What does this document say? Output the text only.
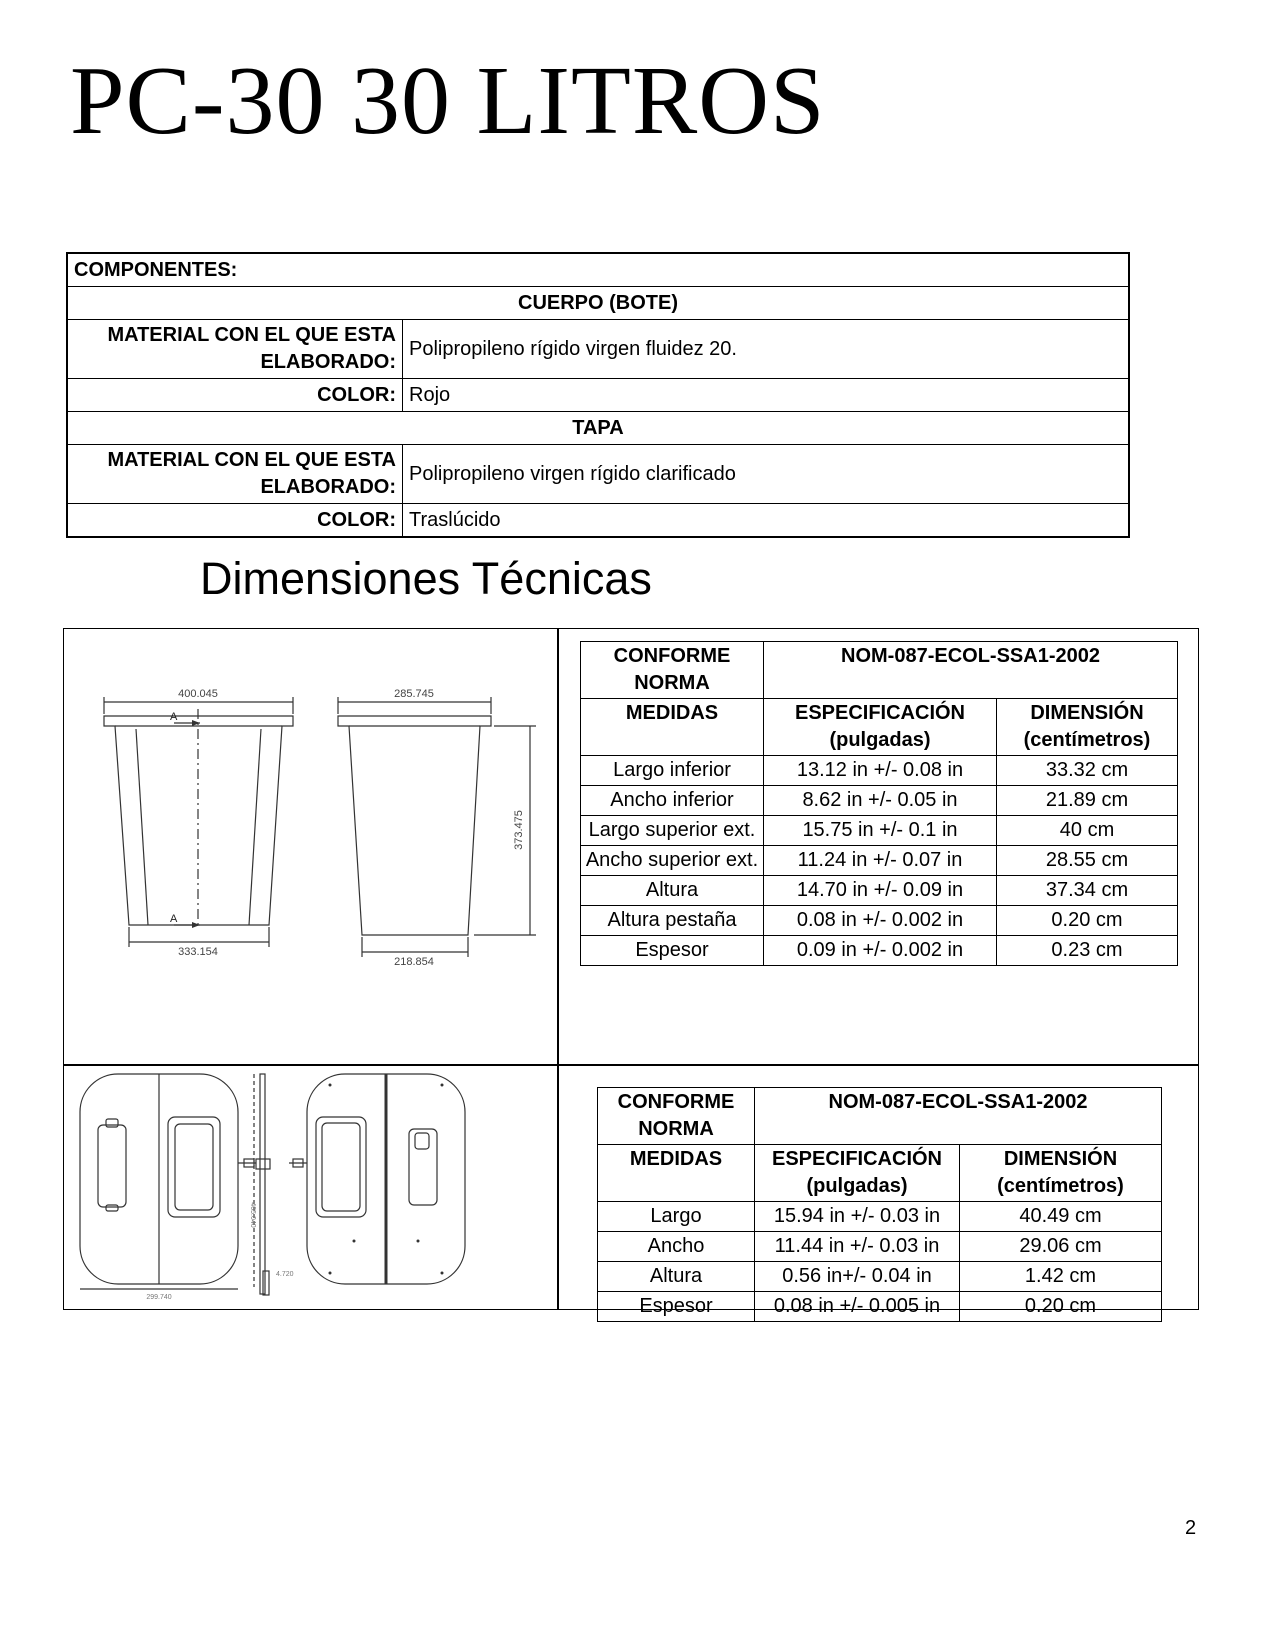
PC-30 30 LITROS
COMPONENTES:	
CUERPO (BOTE)	
MATERIAL CON EL QUE ESTA ELABORADO:	Polipropileno rígido virgen fluidez 20.
COLOR:	Rojo
TAPA	
MATERIAL CON EL QUE ESTA ELABORADO:	Polipropileno virgen rígido clarificado
COLOR:	Traslúcido
Dimensiones Técnicas
400.045
333.154
285.745
218.854
373.475
A
A
CONFORME NORMA	NOM-087-ECOL-SSA1-2002	
MEDIDAS	ESPECIFICACIÓN (pulgadas)	DIMENSIÓN (centímetros)
Largo inferior	13.12 in +/- 0.08 in	33.32 cm
Ancho inferior	8.62 in +/- 0.05 in	21.89 cm
Largo superior ext.	15.75 in +/- 0.1 in	40 cm
Ancho superior ext.	11.24 in +/- 0.07 in	28.55 cm
Altura	14.70 in +/- 0.09 in	37.34 cm
Altura pestaña	0.08 in +/- 0.002 in	0.20 cm
Espesor	0.09 in +/- 0.002 in	0.23 cm
299.740
405.040
4.720
CONFORME NORMA	NOM-087-ECOL-SSA1-2002	
MEDIDAS	ESPECIFICACIÓN (pulgadas)	DIMENSIÓN (centímetros)
Largo	15.94 in +/- 0.03 in	40.49 cm
Ancho	11.44 in +/- 0.03 in	29.06 cm
Altura	0.56 in+/- 0.04 in	1.42 cm
Espesor	0.08 in +/- 0.005 in	0.20 cm
2
